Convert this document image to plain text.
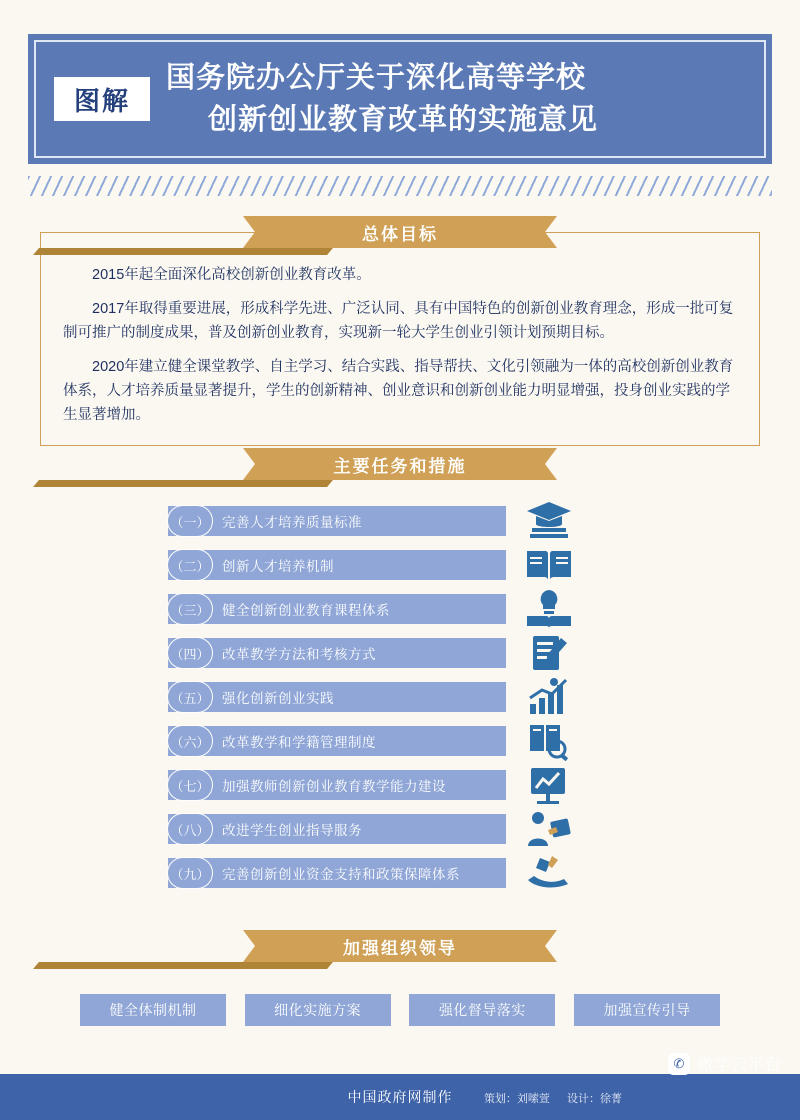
图解
国务院办公厅关于深化高等学校
创新创业教育改革的实施意见
总体目标

2015年起全面深化高校创新创业教育改革。

2017年取得重要进展，形成科学先进、广泛认同、具有中国特色的创新创业教育理念，形成一批可复制可推广的制度成果，普及创新创业教育，实现新一轮大学生创业引领计划预期目标。

2020年建立健全课堂教学、自主学习、结合实践、指导帮扶、文化引领融为一体的高校创新创业教育体系，人才培养质量显著提升，学生的创新精神、创业意识和创新创业能力明显增强，投身创业实践的学生显著增加。

主要任务和措施
（一） 完善人才培养质量标准
（二） 创新人才培养机制
（三） 健全创新创业教育课程体系
（四） 改革教学方法和考核方式
（五） 强化创新创业实践
（六） 改革教学和学籍管理制度
（七） 加强教师创新创业教育教学能力建设
（八） 改进学生创业指导服务
（九） 完善创新创业资金支持和政策保障体系
加强组织领导
健全体制机制	细化实施方案	强化督导落实	加强宣传引导
中国政府网制作	策划：刘嗦萱 设计：徐菁
✆ 微学云平台
